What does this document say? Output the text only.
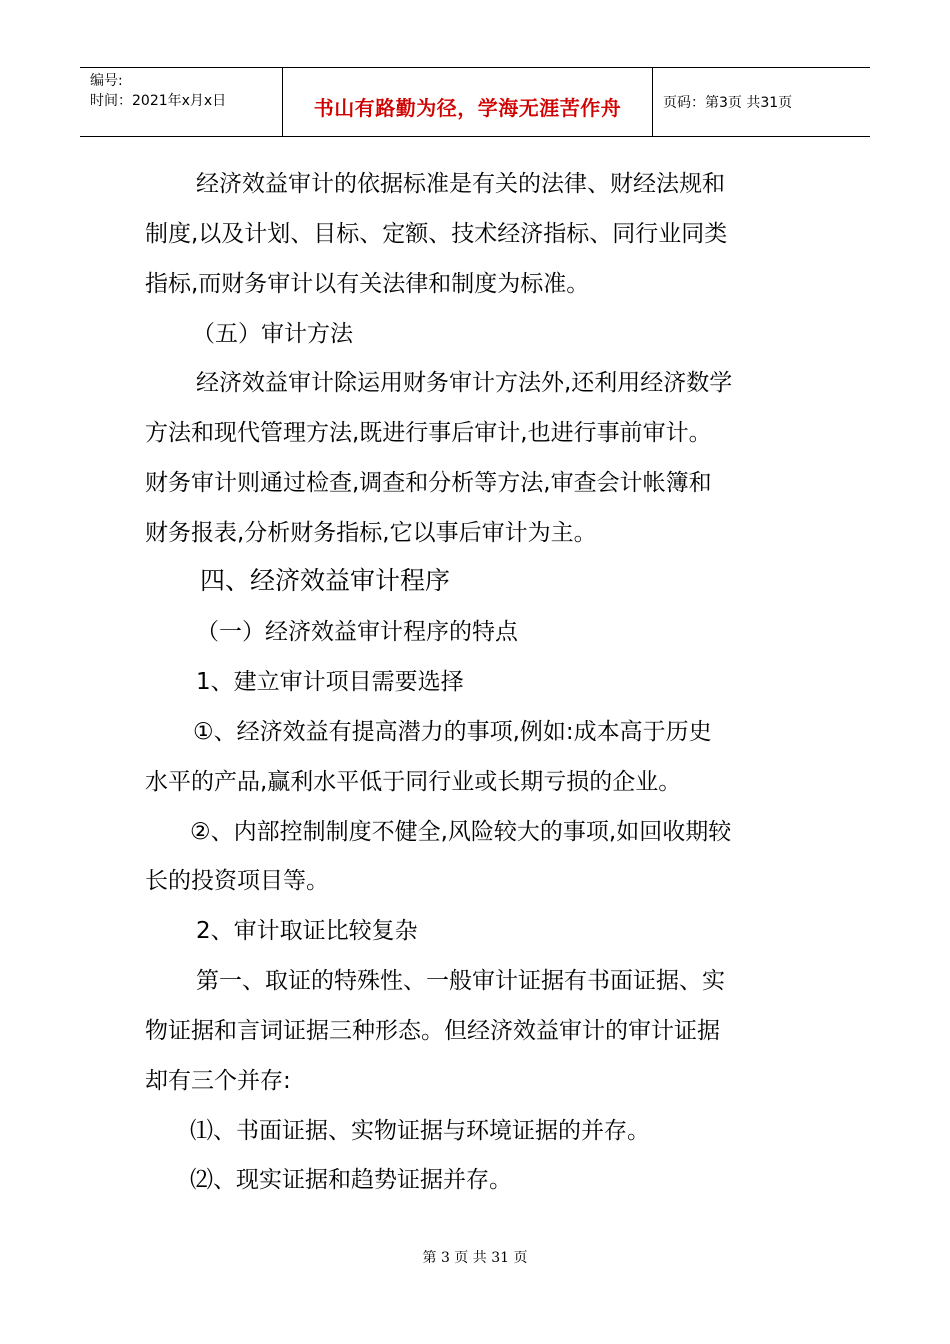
编号:
时间：2021年x月x日	书山有路勤为径，学海无涯苦作舟	页码：第3页 共31页
经济效益审计的依据标准是有关的法律、财经法规和
制度,以及计划、目标、定额、技术经济指标、同行业同类
指标,而财务审计以有关法律和制度为标准。
（五）审计方法
经济效益审计除运用财务审计方法外,还利用经济数学
方法和现代管理方法,既进行事后审计,也进行事前审计。
财务审计则通过检查,调查和分析等方法,审查会计帐簿和
财务报表,分析财务指标,它以事后审计为主。
四、经济效益审计程序
（一）经济效益审计程序的特点
1、建立审计项目需要选择
①、经济效益有提高潜力的事项,例如:成本高于历史
水平的产品,赢利水平低于同行业或长期亏损的企业。
②、内部控制制度不健全,风险较大的事项,如回收期较
长的投资项目等。
2、审计取证比较复杂
第一、取证的特殊性、一般审计证据有书面证据、实
物证据和言词证据三种形态。但经济效益审计的审计证据
却有三个并存:
⑴、书面证据、实物证据与环境证据的并存。
⑵、现实证据和趋势证据并存。
第 3 页 共 31 页
